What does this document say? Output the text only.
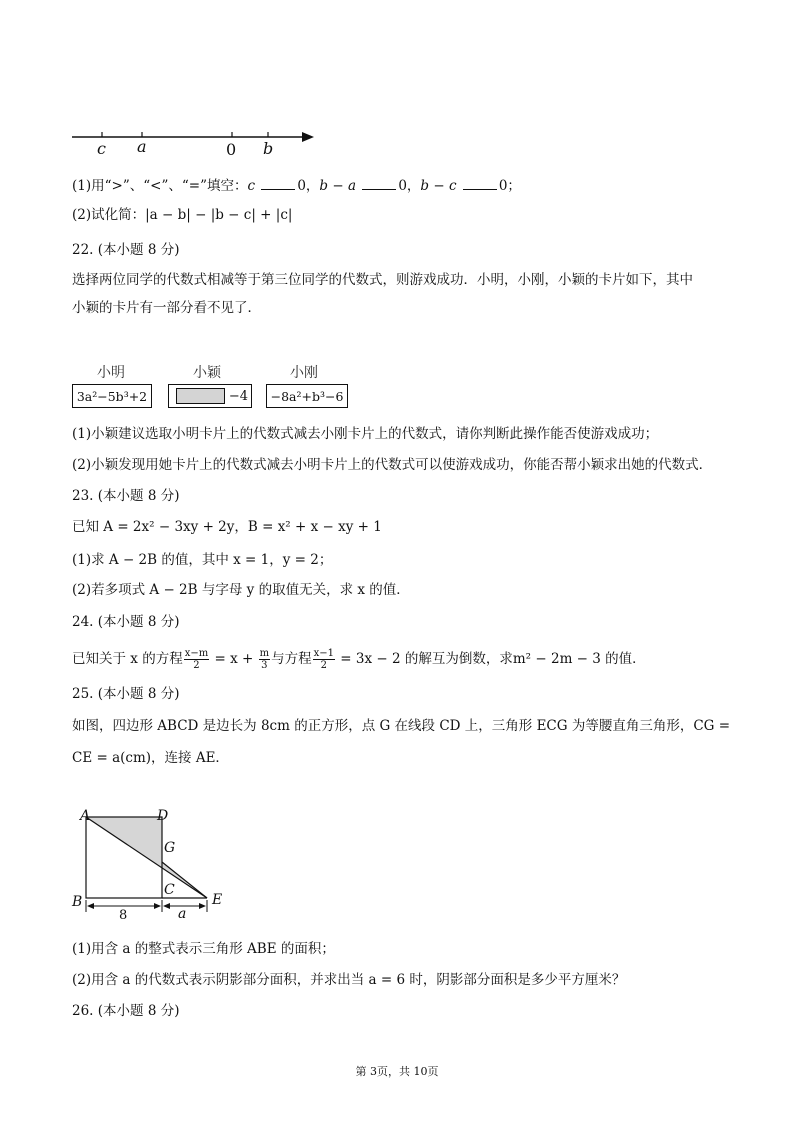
c a	0 b
(1)用“>”、“<”、“=”填空：c	0，b − a	0，b − c	0；
(2)试化简：|a − b| − |b − c| + |c|
22. (本小题 8 分)
选择两位同学的代数式相减等于第三位同学的代数式，则游戏成功．小明，小刚，小颖的卡片如下，其中
小颖的卡片有一部分看不见了．
小明
3a²−5b³+2
小颖
−4
小刚
−8a²+b³−6
(1)小颖建议选取小明卡片上的代数式减去小刚卡片上的代数式，请你判断此操作能否使游戏成功；
(2)小颖发现用她卡片上的代数式减去小明卡片上的代数式可以使游戏成功，你能否帮小颖求出她的代数式．
23. (本小题 8 分)
已知 A = 2x² − 3xy + 2y，B = x² + x − xy + 1
(1)求 A − 2B 的值，其中 x = 1，y = 2；
(2)若多项式 A − 2B 与字母 y 的取值无关，求 x 的值．
24. (本小题 8 分)
已知关于 x 的方程 $\frac{x-m}{2} = x + \frac{m}{3}$ 与方程 $\frac{x-1}{2} = 3x - 2$ 的解互为倒数，求m² − 2m − 3 的值．
25. (本小题 8 分)
如图，四边形 ABCD 是边长为 8cm 的正方形，点 G 在线段 CD 上，三角形 ECG 为等腰直角三角形，CG =
CE = a(cm)，连接 AE．
A	D
G
C
B	E
8	a
(1)用含 a 的整式表示三角形 ABE 的面积；
(2)用含 a 的代数式表示阴影部分面积，并求出当 a = 6 时，阴影部分面积是多少平方厘米？
26. (本小题 8 分)
第 3页，共 10页
